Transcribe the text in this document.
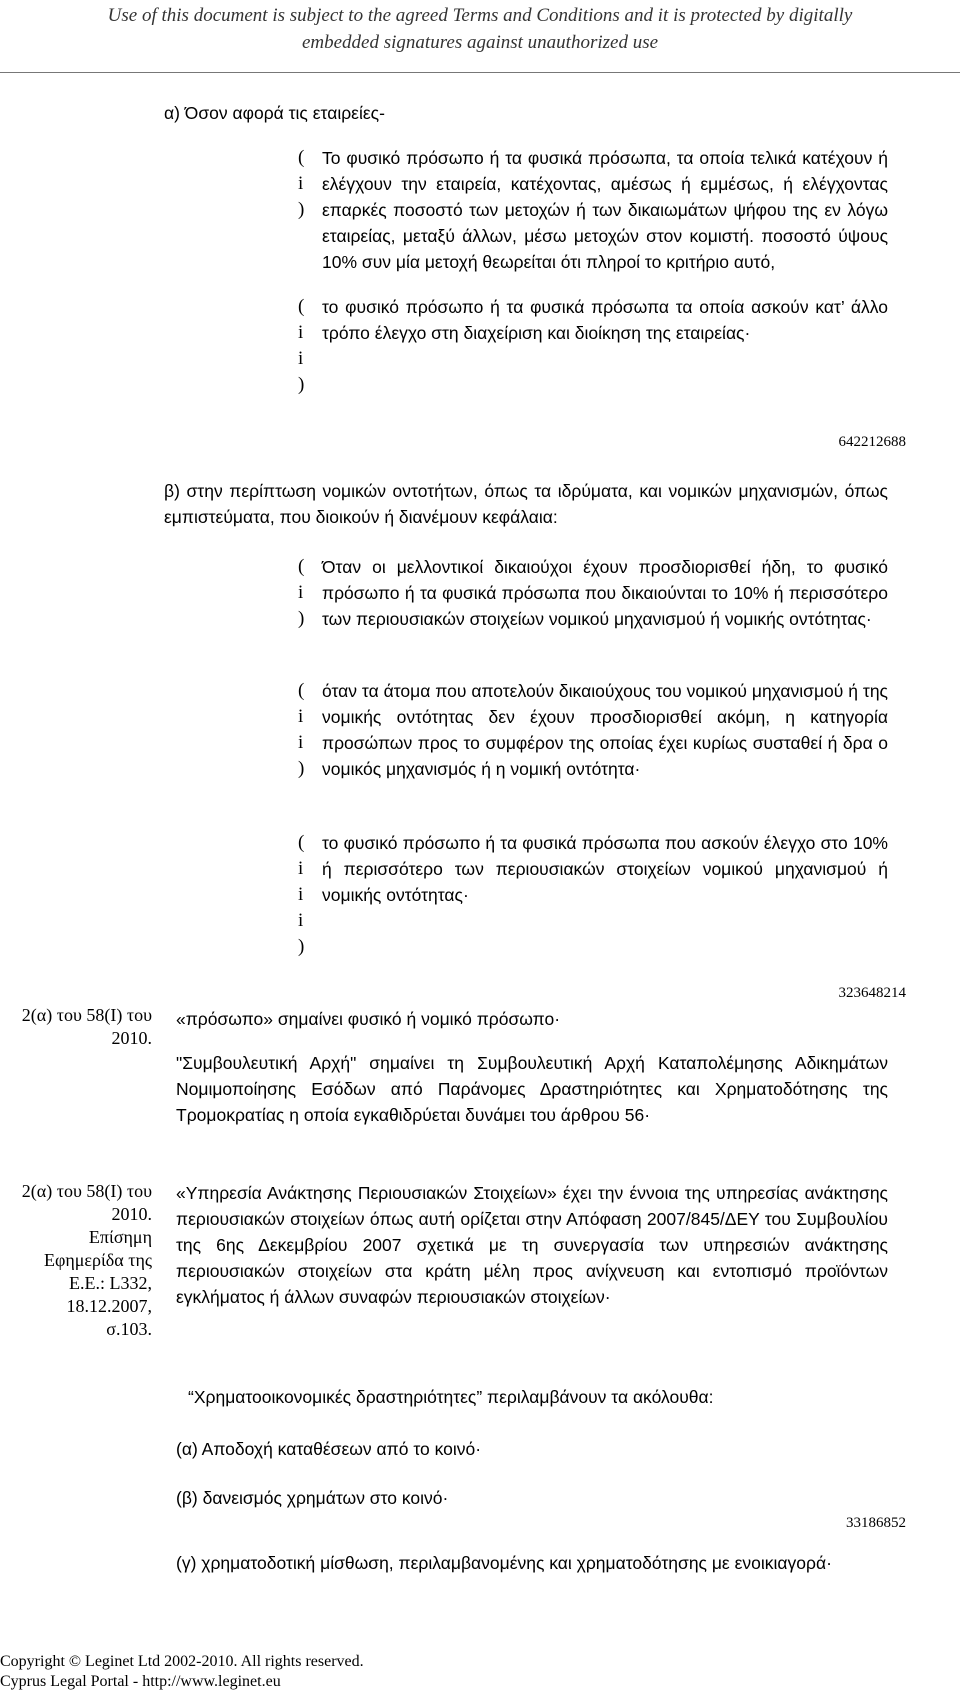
Use of this document is subject to the agreed Terms and Conditions and it is protected by digitally
embedded signatures against unauthorized use
α) Όσον αφορά τις εταιρείες-
(
i
)
Το φυσικό πρόσωπο ή τα φυσικά πρόσωπα, τα οποία τελικά κατέχουν ή ελέγχουν την εταιρεία, κατέχοντας, αμέσως ή εμμέσως, ή ελέγχοντας επαρκές ποσοστό των μετοχών ή των δικαιωμάτων ψήφου της εν λόγω εταιρείας, μεταξύ άλλων, μέσω μετοχών στον κομιστή. ποσοστό ύψους 10% συν μία μετοχή θεωρείται ότι πληροί το κριτήριο αυτό,
(
i
i
)
το φυσικό πρόσωπο ή τα φυσικά πρόσωπα τα οποία ασκούν κατ’ άλλο τρόπο έλεγχο στη διαχείριση και διοίκηση της εταιρείας·
642212688
β) στην περίπτωση νομικών οντοτήτων, όπως τα ιδρύματα, και νομικών μηχανισμών, όπως εμπιστεύματα, που διοικούν ή διανέμουν κεφάλαια:
(
i
)
Όταν οι μελλοντικοί δικαιούχοι έχουν προσδιορισθεί ήδη, το φυσικό πρόσωπο ή τα φυσικά πρόσωπα που δικαιούνται το 10% ή περισσότερο των περιουσιακών στοιχείων νομικού μηχανισμού ή νομικής οντότητας·
(
i
i
)
όταν τα άτομα που αποτελούν δικαιούχους του νομικού μηχανισμού ή της νομικής οντότητας δεν έχουν προσδιορισθεί ακόμη, η κατηγορία προσώπων προς το συμφέρον της οποίας έχει κυρίως συσταθεί ή δρα ο νομικός μηχανισμός ή η νομική οντότητα·
(
i
i
i
)
το φυσικό πρόσωπο ή τα φυσικά πρόσωπα που ασκούν έλεγχο στο 10% ή περισσότερο των περιουσιακών στοιχείων νομικού μηχανισμού ή νομικής οντότητας·
323648214
2(α) του 58(Ι) του
2010.
«πρόσωπο» σημαίνει φυσικό ή νομικό πρόσωπο·
"Συμβουλευτική Αρχή" σημαίνει τη Συμβουλευτική Αρχή Καταπολέμησης Αδικημάτων Νομιμοποίησης Εσόδων από Παράνομες Δραστηριότητες και Χρηματοδότησης της Τρομοκρατίας η οποία εγκαθιδρύεται δυνάμει του άρθρου 56·
2(α) του 58(Ι) του
2010.
Επίσημη
Εφημερίδα της
Ε.Ε.: L332,
18.12.2007,
σ.103.
«Υπηρεσία Ανάκτησης Περιουσιακών Στοιχείων» έχει την έννοια της υπηρεσίας ανάκτησης περιουσιακών στοιχείων όπως αυτή ορίζεται στην Απόφαση 2007/845/ΔΕΥ του Συμβουλίου της 6ης Δεκεμβρίου 2007 σχετικά με τη συνεργασία των υπηρεσιών ανάκτησης περιουσιακών στοιχείων στα κράτη μέλη προς ανίχνευση και εντοπισμό προϊόντων εγκλήματος ή άλλων συναφών περιουσιακών στοιχείων·
“Χρηματοοικονομικές δραστηριότητες” περιλαμβάνουν τα ακόλουθα:
(α) Αποδοχή καταθέσεων από το κοινό·
(β) δανεισμός χρημάτων στο κοινό·
33186852
(γ) χρηματοδοτική μίσθωση, περιλαμβανομένης και χρηματοδότησης με ενοικιαγορά·
Copyright © Leginet Ltd 2002-2010. All rights reserved.
Cyprus Legal Portal - http://www.leginet.eu
